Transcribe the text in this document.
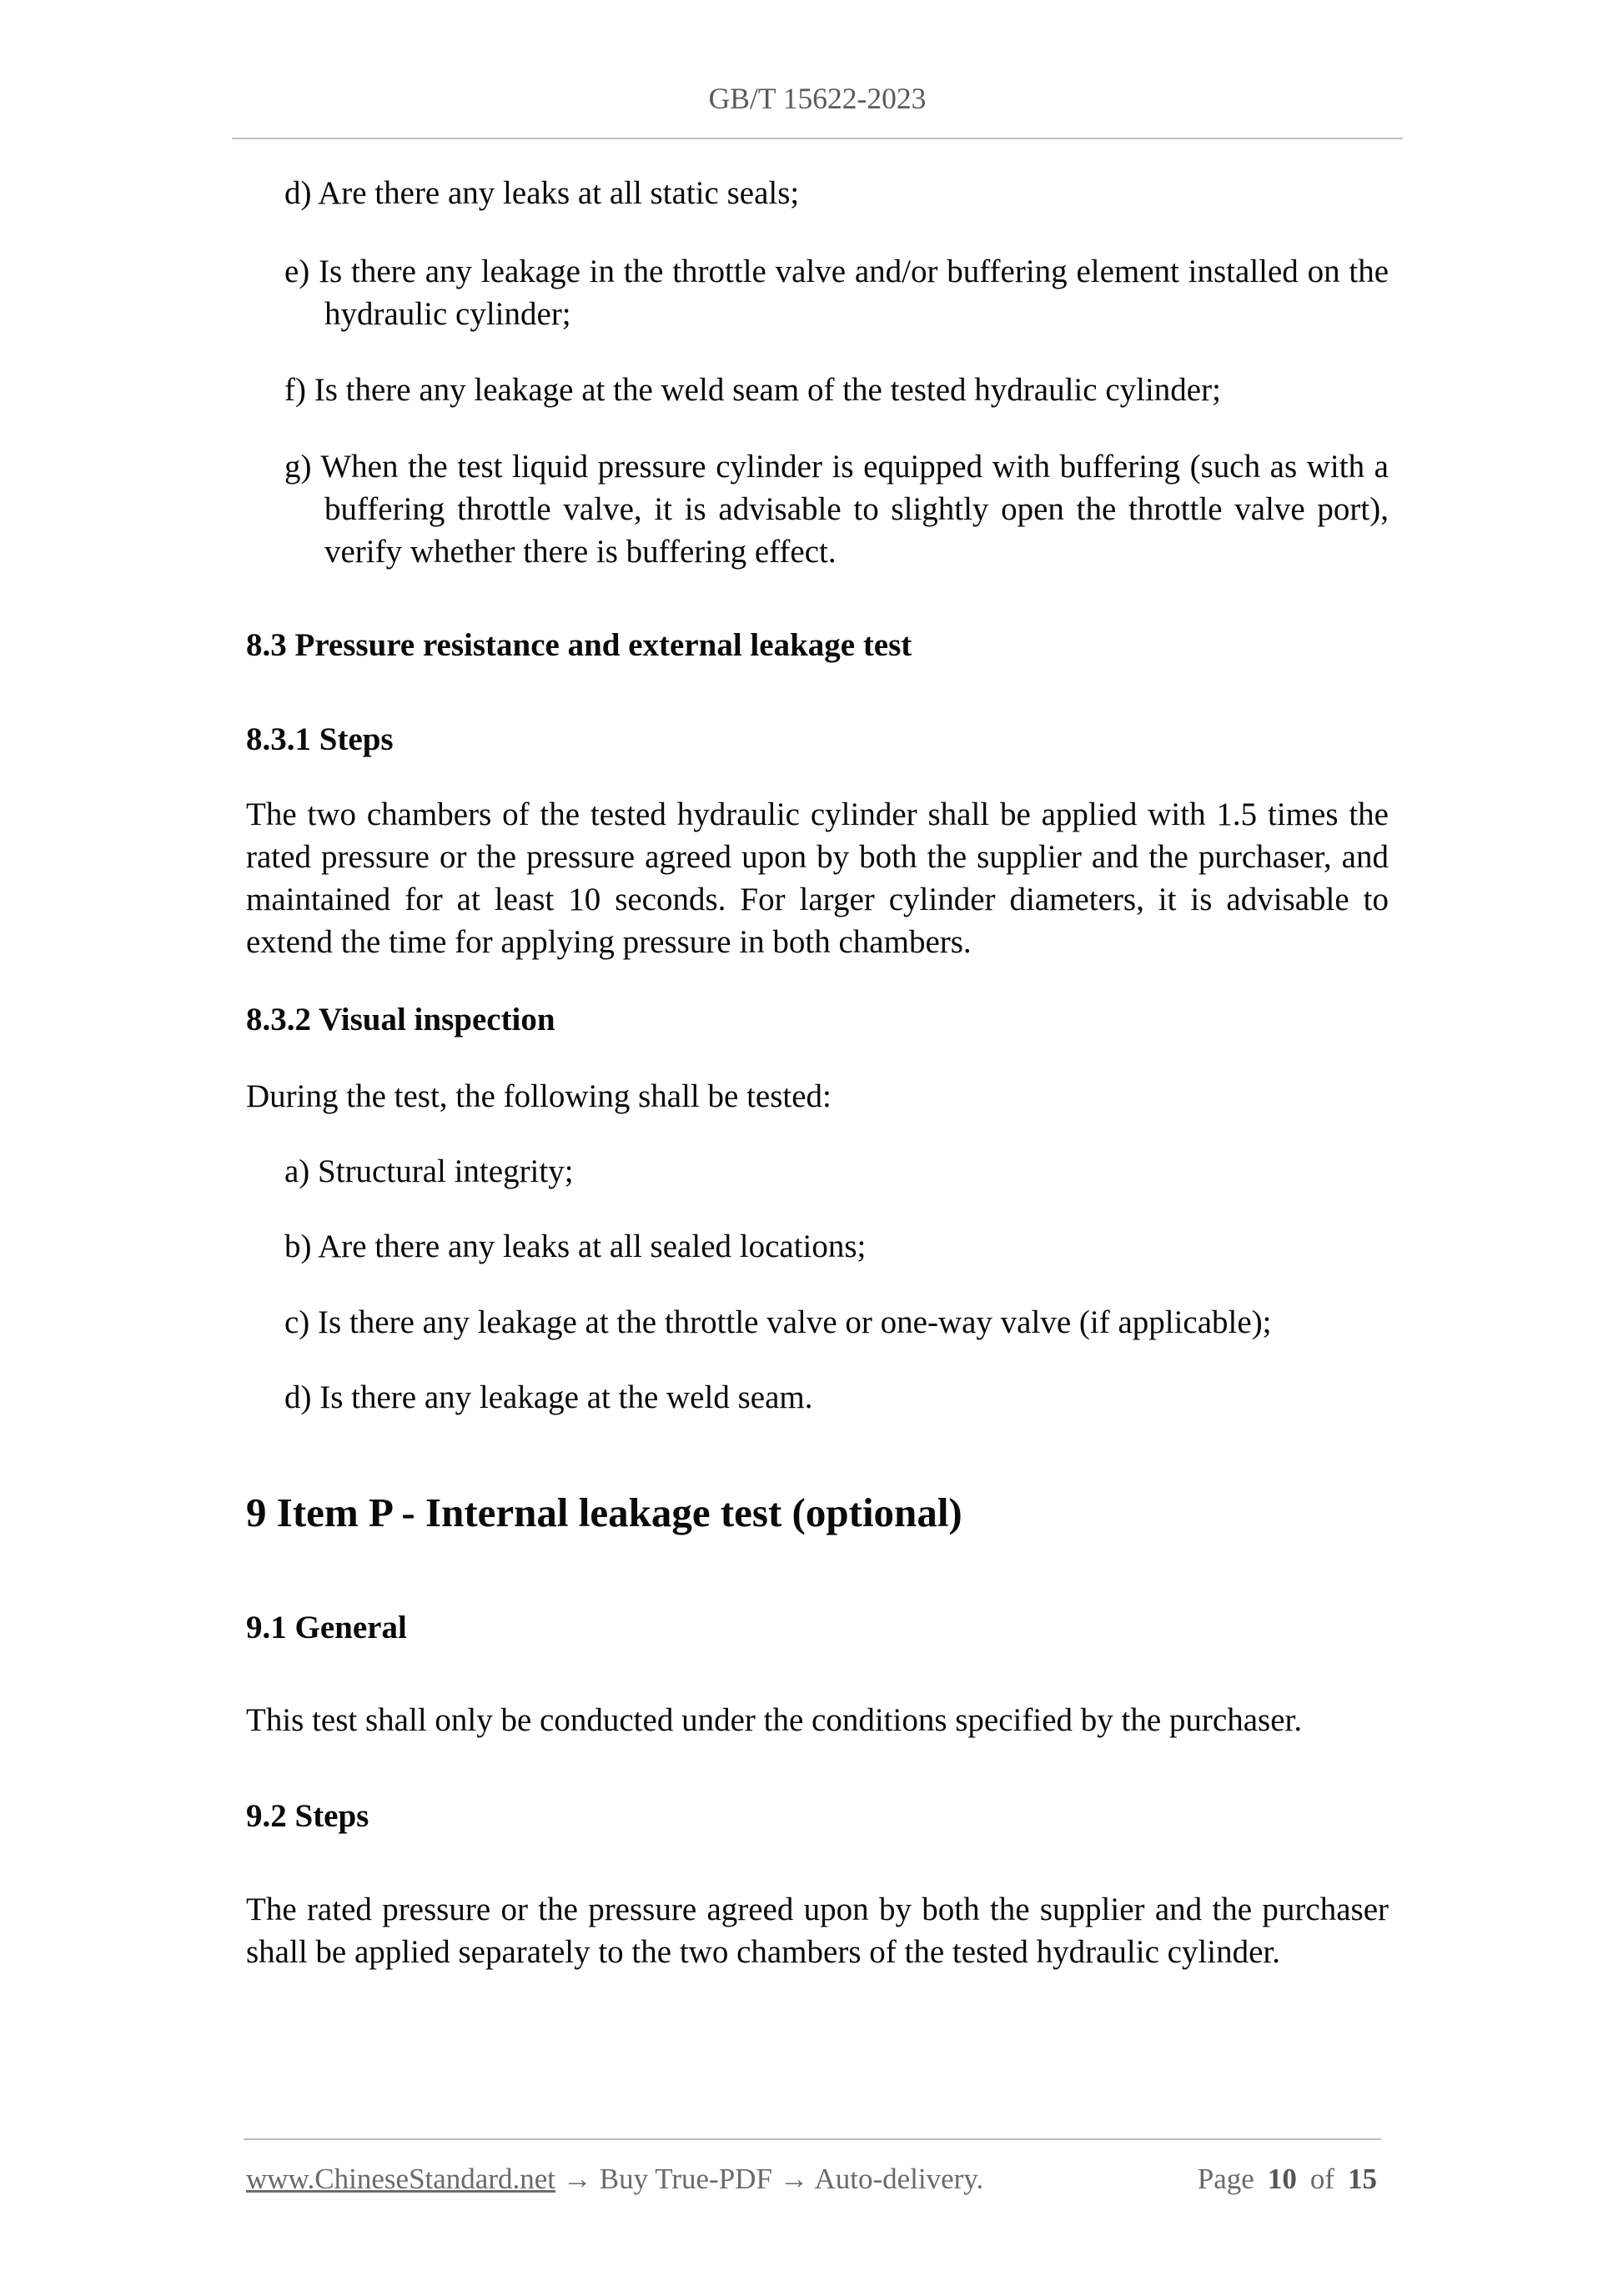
GB/T 15622-2023
d) Are there any leaks at all static seals;
e) Is there any leakage in the throttle valve and/or buffering element installed on the
hydraulic cylinder;
f) Is there any leakage at the weld seam of the tested hydraulic cylinder;
g) When the test liquid pressure cylinder is equipped with buffering (such as with a
buffering throttle valve, it is advisable to slightly open the throttle valve port),
verify whether there is buffering effect.
8.3 Pressure resistance and external leakage test
8.3.1 Steps
The two chambers of the tested hydraulic cylinder shall be applied with 1.5 times the
rated pressure or the pressure agreed upon by both the supplier and the purchaser, and
maintained for at least 10 seconds. For larger cylinder diameters, it is advisable to
extend the time for applying pressure in both chambers.
8.3.2 Visual inspection
During the test, the following shall be tested:
a) Structural integrity;
b) Are there any leaks at all sealed locations;
c) Is there any leakage at the throttle valve or one-way valve (if applicable);
d) Is there any leakage at the weld seam.
9 Item P - Internal leakage test (optional)
9.1 General
This test shall only be conducted under the conditions specified by the purchaser.
9.2 Steps
The rated pressure or the pressure agreed upon by both the supplier and the purchaser
shall be applied separately to the two chambers of the tested hydraulic cylinder.
www.ChineseStandard.net → Buy True-PDF → Auto-delivery.	Page 10 of 15
